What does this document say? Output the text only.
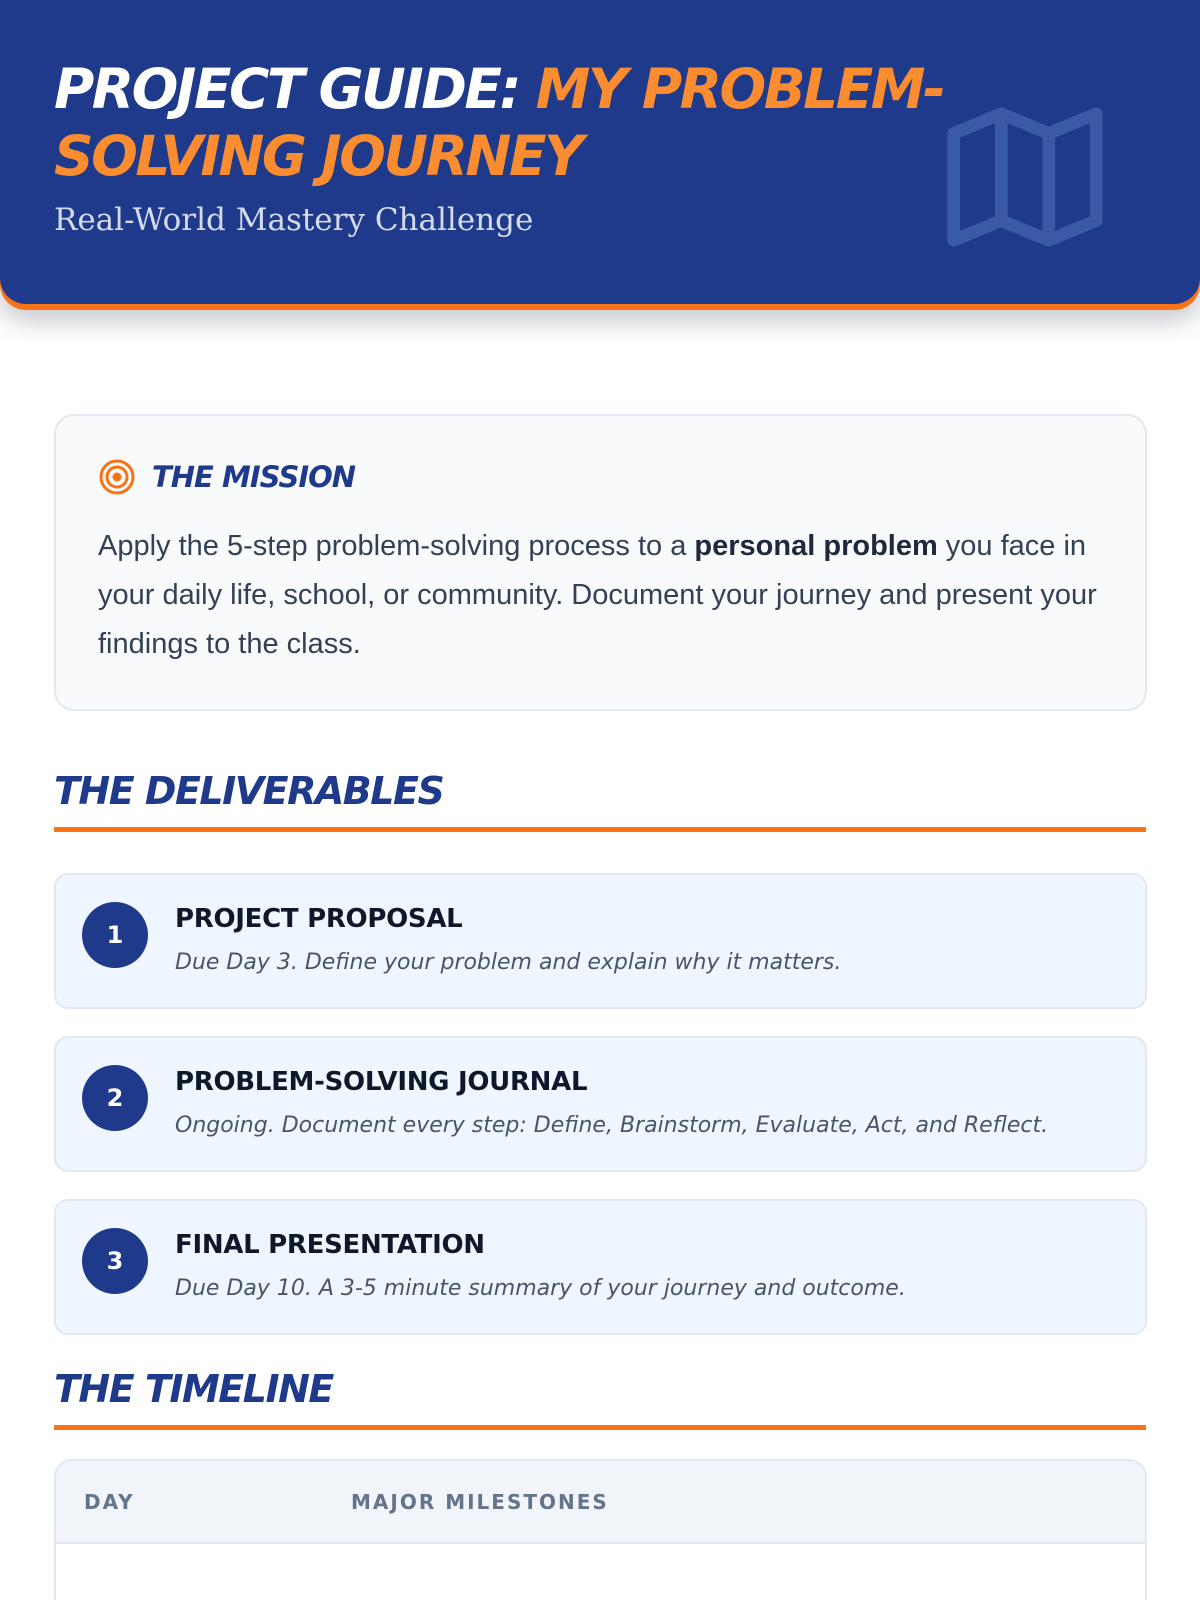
PROJECT GUIDE: MY PROBLEM-SOLVING JOURNEY
Real-World Mastery Challenge
THE MISSION

Apply the 5-step problem-solving process to a personal problem you face in your daily life, school, or community. Document your journey and present your findings to the class.

THE DELIVERABLES
1
PROJECT PROPOSAL
Due Day 3. Define your problem and explain why it matters.
2
PROBLEM-SOLVING JOURNAL
Ongoing. Document every step: Define, Brainstorm, Evaluate, Act, and Reflect.
3
FINAL PRESENTATION
Due Day 10. A 3-5 minute summary of your journey and outcome.
THE TIMELINE
DAY	MAJOR MILESTONES
